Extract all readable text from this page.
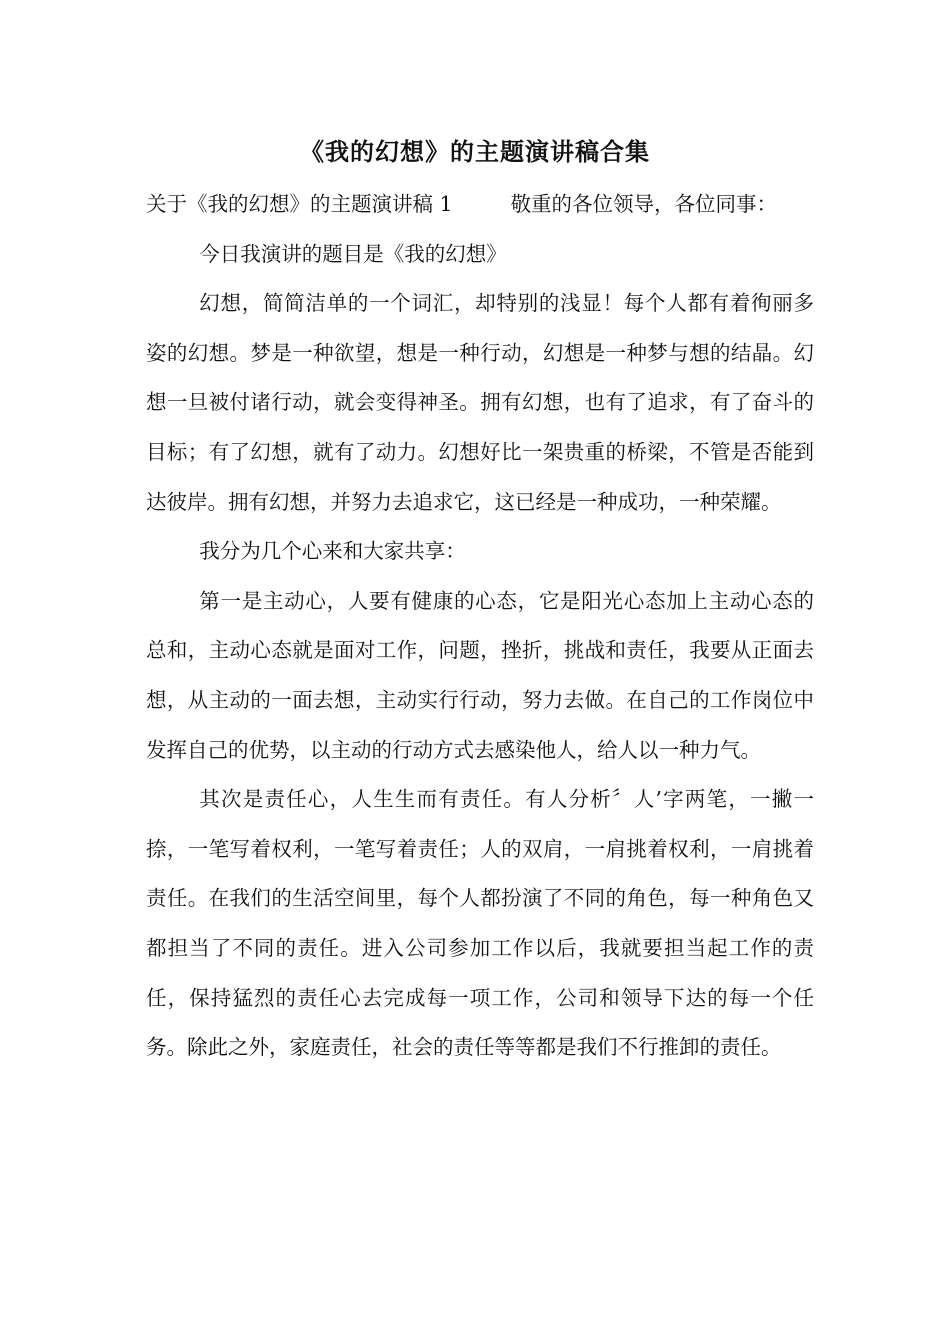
《我的幻想》的主题演讲稿合集

关于《我的幻想》的主题演讲稿 1	敬重的各位领导，各位同事：

今日我演讲的题目是《我的幻想》

幻想，简简洁单的一个词汇，却特别的浅显！每个人都有着徇丽多姿的幻想。梦是一种欲望，想是一种行动，幻想是一种梦与想的结晶。幻想一旦被付诸行动，就会变得神圣。拥有幻想，也有了追求，有了奋斗的目标；有了幻想，就有了动力。幻想好比一架贵重的桥梁，不管是否能到达彼岸。拥有幻想，并努力去追求它，这已经是一种成功，一种荣耀。

我分为几个心来和大家共享：

第一是主动心，人要有健康的心态，它是阳光心态加上主动心态的总和，主动心态就是面对工作，问题，挫折，挑战和责任，我要从正面去想，从主动的一面去想，主动实行行动，努力去做。在自己的工作岗位中发挥自己的优势，以主动的行动方式去感染他人，给人以一种力气。

其次是责任心，人生生而有责任。有人分析〞人’字两笔，一撇一捺，一笔写着权利，一笔写着责任；人的双肩，一肩挑着权利，一肩挑着责任。在我们的生活空间里，每个人都扮演了不同的角色，每一种角色又都担当了不同的责任。进入公司参加工作以后，我就要担当起工作的责任，保持猛烈的责任心去完成每一项工作，公司和领导下达的每一个任务。除此之外，家庭责任，社会的责任等等都是我们不行推卸的责任。
